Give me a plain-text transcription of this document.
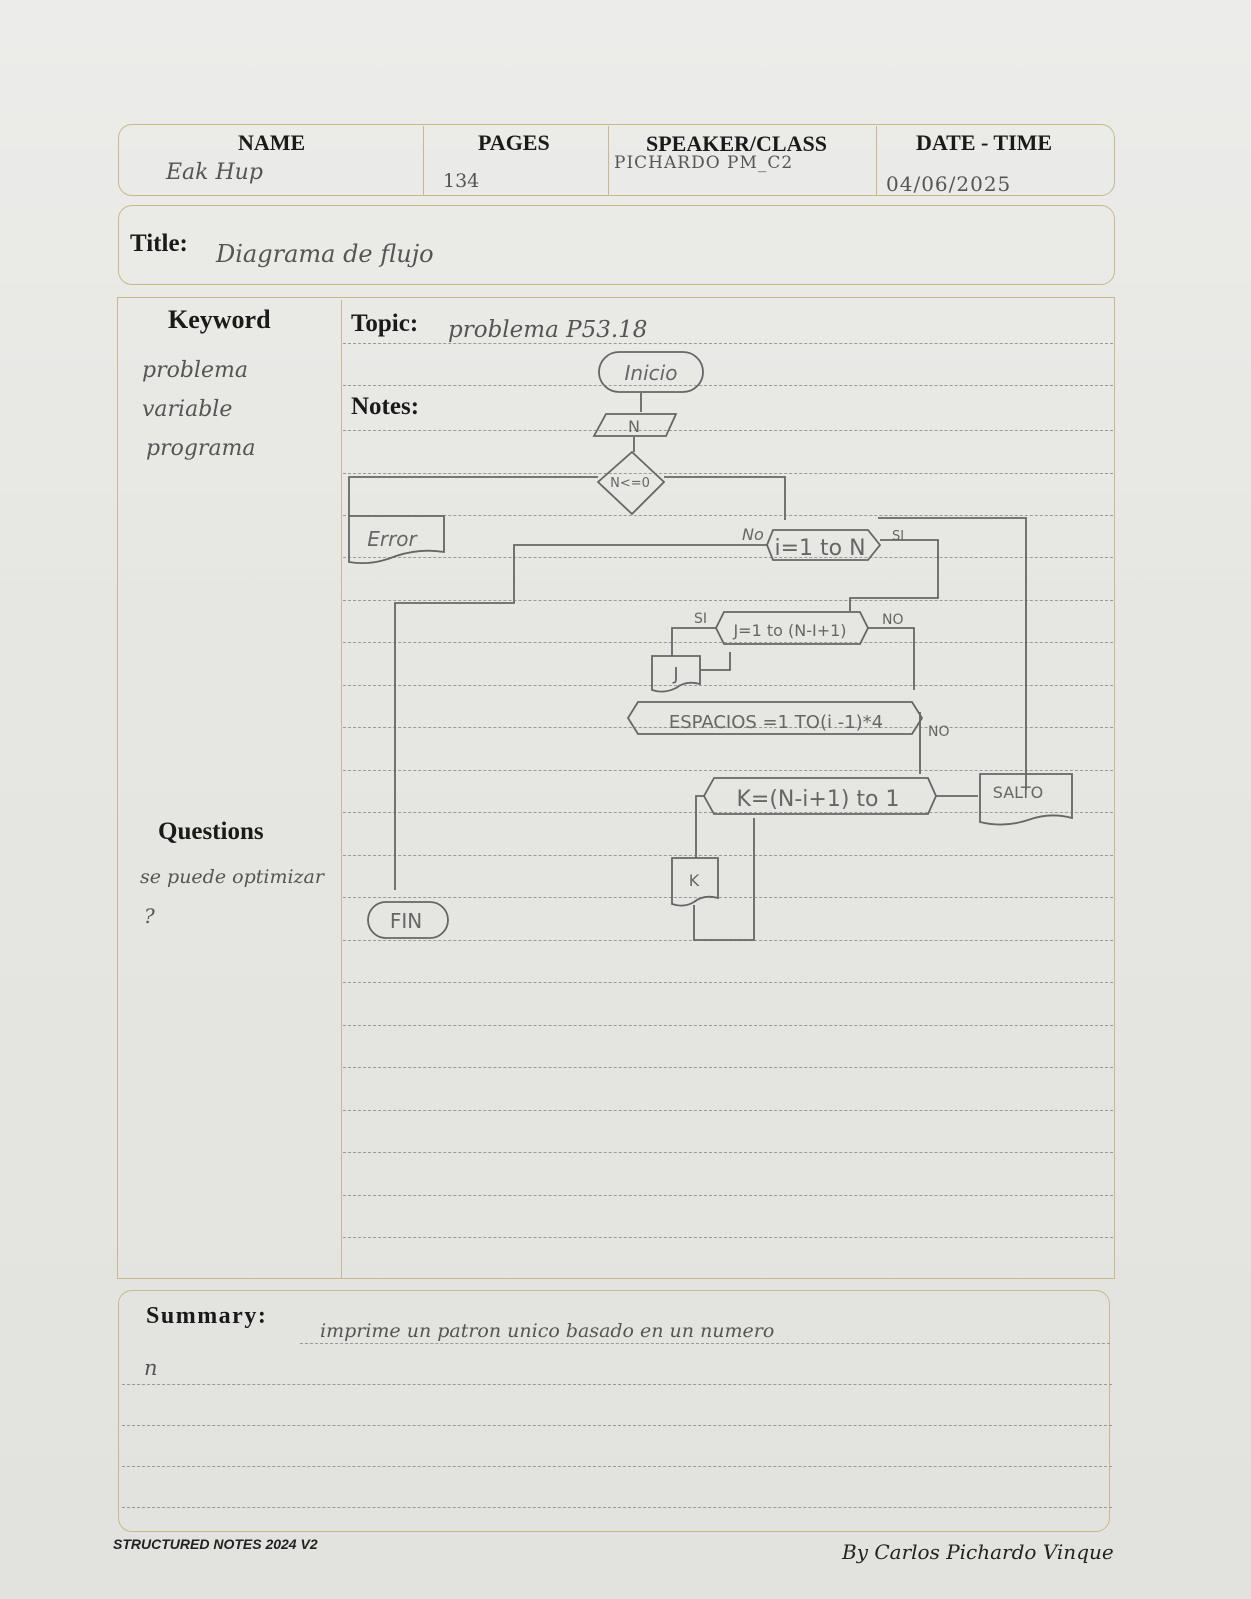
NAME
Eak Hup
PAGES
134
SPEAKER/CLASS
PICHARDO PM_C2
DATE - TIME
04/06/2025
Title: Diagrama de flujo
Keyword
problema
variable
programa
Topic: problema P53.18
Notes:
Questions
se puede optimizar
?
Inicio
N
N<=0
Error	i=1 to N
No	SI
J=1 to (N-I+1)
SI	NO
J
ESPACIOS =1 TO(i -1)*4	NO
K=(N-i+1) to 1
K
SALTO
FIN
Summary:
imprime un patron unico basado en un numero
n
STRUCTURED NOTES 2024 V2	By Carlos Pichardo Vinque
